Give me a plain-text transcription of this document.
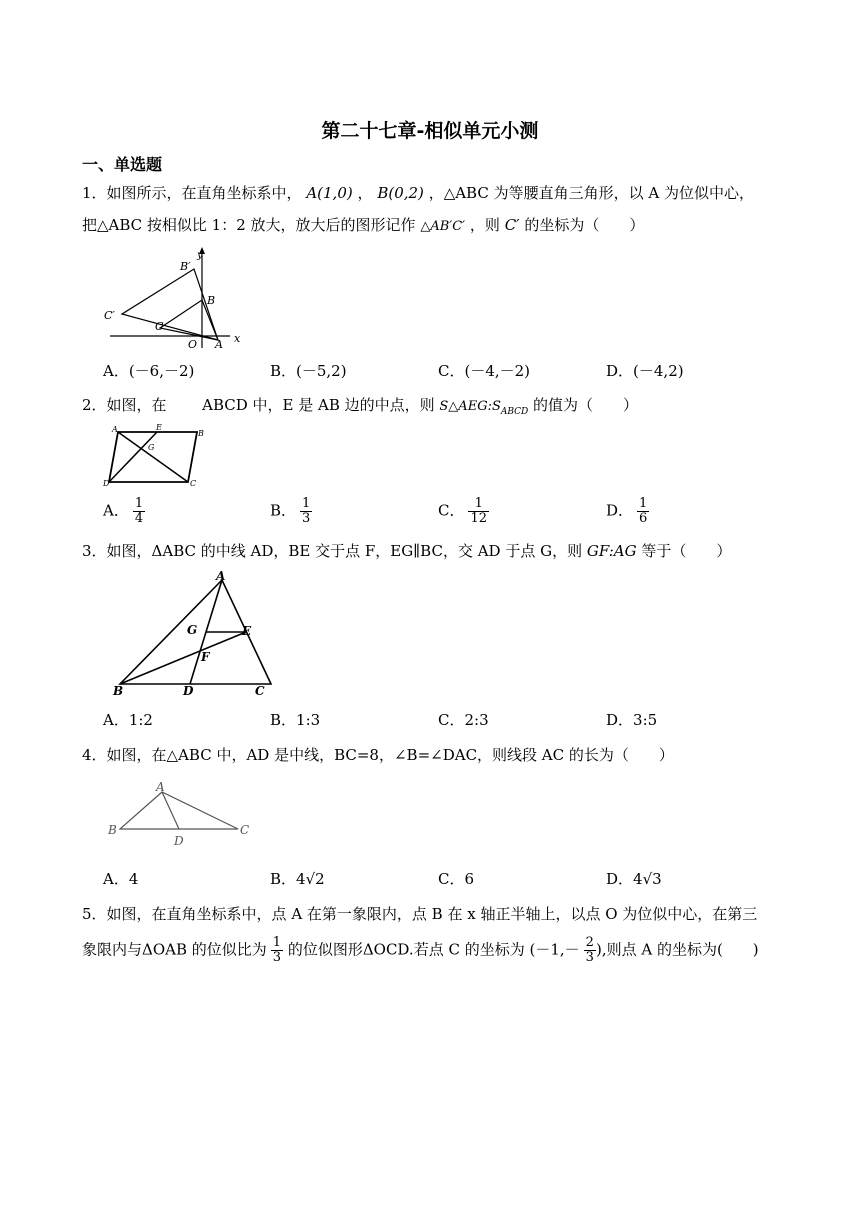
第二十七章-相似单元小测
一、单选题
1．如图所示，在直角坐标系中， A(1,0) ， B(0,2) ，△ABC 为等腰直角三角形，以 A 为位似中心，
把△ABC 按相似比 1：2 放大，放大后的图形记作 △AB′C′ ，则 C′ 的坐标为（　　）
y
x
B′
B
C′
C
O A
A．(－6,－2)	B．(－5,2)	C．(－4,－2)	D．(－4,2)
2．如图，在 ABCD 中，E 是 AB 边的中点，则 $S\triangle AEG:S_{ABCD}$ 的值为（　　）
A	E
B
G
D	C
A． $\frac{1}{4}$	B． $\frac{1}{3}$	C． $\frac{1}{12}$	D． $\frac{1}{6}$
3．如图，ΔABC 的中线 AD，BE 交于点 F，EG∥BC，交 AD 于点 G，则 GF:AG 等于（　　）
A
G	E
F
B	D	C
A．1:2	B．1:3	C．2:3	D．3:5
4．如图，在△ABC 中，AD 是中线，BC=8，∠B=∠DAC，则线段 AC 的长为（　　）
A
B
D
C
A．4	B．4√2	C．6	D．4√3
5．如图，在直角坐标系中，点 A 在第一象限内，点 B 在 x 轴正半轴上，以点 O 为位似中心，在第三
象限内与ΔOAB 的位似比为 $\frac{1}{3}$ 的位似图形ΔOCD.若点 C 的坐标为 ($-1,- \frac{2}{3}$ ),则点 A 的坐标为(　　)
